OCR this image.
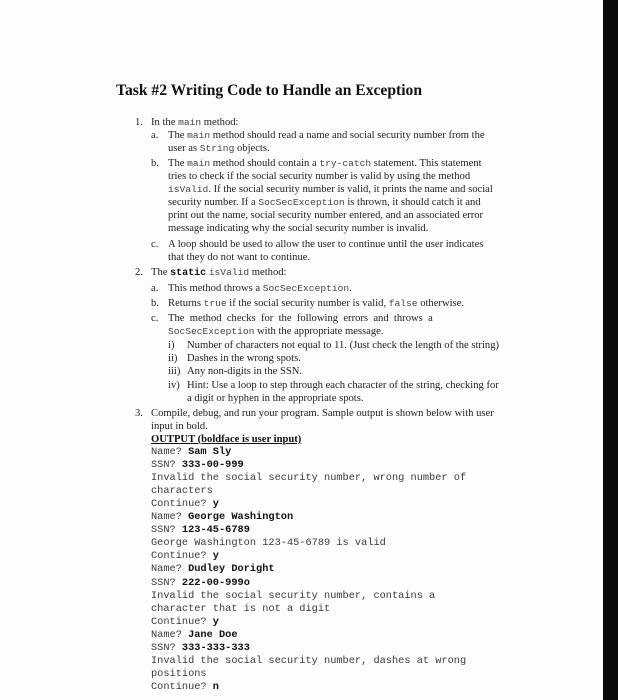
Task #2 Writing Code to Handle an Exception
1. In the main method:
a. The main method should read a name and social security number from the
user as String objects.
b. The main method should contain a try-catch statement. This statement
tries to check if the social security number is valid by using the method
isValid. If the social security number is valid, it prints the name and social
security number. If a SocSecException is thrown, it should catch it and
print out the name, social security number entered, and an associated error
message indicating why the social security number is invalid.
c. A loop should be used to allow the user to continue until the user indicates
that they do not want to continue.
2. The static isValid method:
a. This method throws a SocSecException.
b. Returns true if the social security number is valid, false otherwise.
c. The  method  checks  for  the  following  errors  and  throws  a
SocSecException with the appropriate message.
i) Number of characters not equal to 11. (Just check the length of the string)
ii) Dashes in the wrong spots.
iii) Any non-digits in the SSN.
iv) Hint: Use a loop to step through each character of the string, checking for
a digit or hyphen in the appropriate spots.
3. Compile, debug, and run your program. Sample output is shown below with user
input in bold.
OUTPUT (boldface is user input)
Name? Sam Sly
SSN? 333-00-999
Invalid the social security number, wrong number of
characters
Continue? y
Name? George Washington
SSN? 123-45-6789
George Washington 123-45-6789 is valid
Continue? y
Name? Dudley Doright
SSN? 222-00-999o
Invalid the social security number, contains a
character that is not a digit
Continue? y
Name? Jane Doe
SSN? 333-333-333
Invalid the social security number, dashes at wrong
positions
Continue? n
